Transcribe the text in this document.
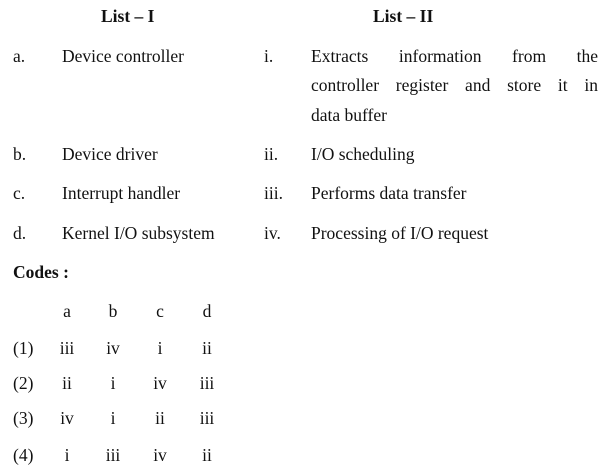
List – I	List – II
a. Device controller	i. Extracts information from the
controller register and store it in
data buffer
b. Device driver	ii. I/O scheduling
c. Interrupt handler	iii. Performs data transfer
d. Kernel I/O subsystem	iv. Processing of I/O request
Codes :
a	b	c	d
(1)	iii	iv	i	ii
(2)	ii	i	iv	iii
(3)	iv	i	ii	iii
(4)	i	iii	iv	ii
